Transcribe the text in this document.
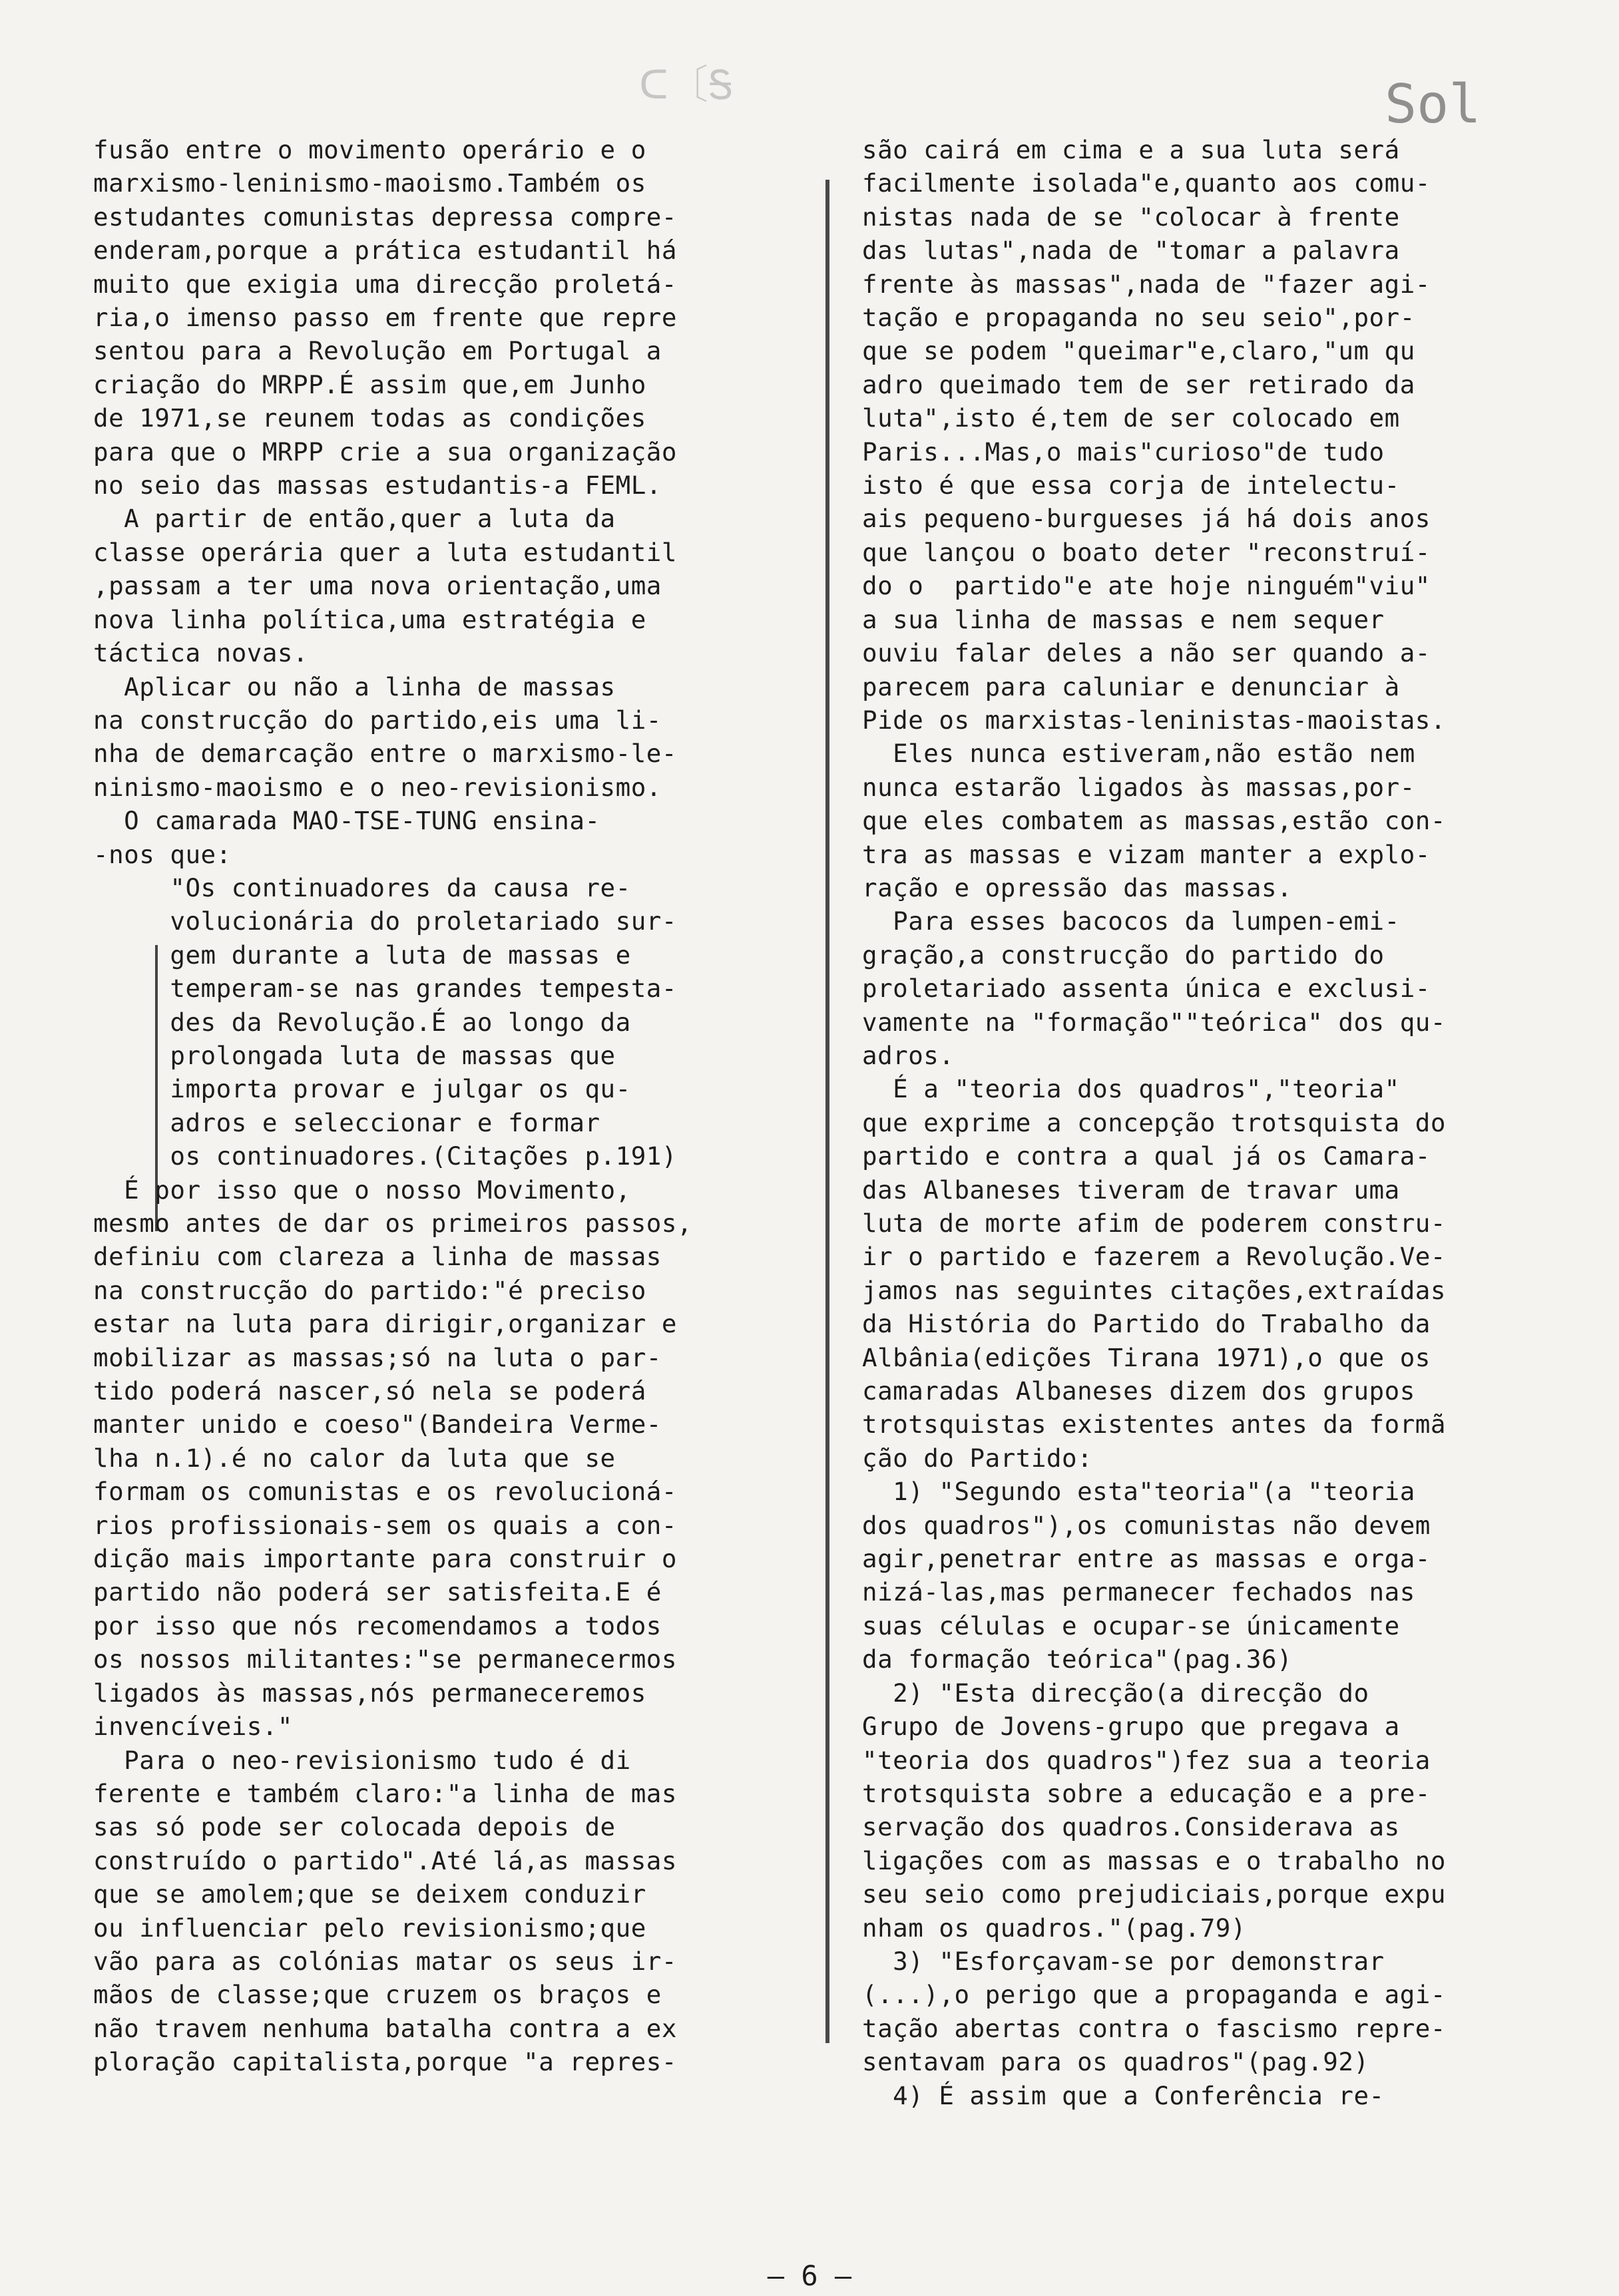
ᑕ〔Ꭶ	Sol

fusão entre o movimento operário e o

marxismo-leninismo-maoismo.Também os

estudantes comunistas depressa compre-

enderam,porque a prática estudantil há

muito que exigia uma direcção proletá-

ria,o imenso passo em frente que repre

sentou para a Revolução em Portugal a

criação do MRPP.É assim que,em Junho

de 1971,se reunem todas as condições

para que o MRPP crie a sua organização

no seio das massas estudantis-a FEML.

A partir de então,quer a luta da

classe operária quer a luta estudantil

,passam a ter uma nova orientação,uma

nova linha política,uma estratégia e

táctica novas.

Aplicar ou não a linha de massas

na construcção do partido,eis uma li-

nha de demarcação entre o marxismo-le-

ninismo-maoismo e o neo-revisionismo.

O camarada MAO-TSE-TUNG ensina-

-nos que:

"Os continuadores da causa re-

volucionária do proletariado sur-

gem durante a luta de massas e

temperam-se nas grandes tempesta-

des da Revolução.É ao longo da

prolongada luta de massas que

importa provar e julgar os qu-

adros e seleccionar e formar

os continuadores.(Citações p.191)

É por isso que o nosso Movimento,

mesmo antes de dar os primeiros passos,

definiu com clareza a linha de massas

na construcção do partido:"é preciso

estar na luta para dirigir,organizar e

mobilizar as massas;só na luta o par-

tido poderá nascer,só nela se poderá

manter unido e coeso"(Bandeira Verme-

lha n.1).é no calor da luta que se

formam os comunistas e os revolucioná-

rios profissionais-sem os quais a con-

dição mais importante para construir o

partido não poderá ser satisfeita.E é

por isso que nós recomendamos a todos

os nossos militantes:"se permanecermos

ligados às massas,nós permaneceremos

invencíveis."

Para o neo-revisionismo tudo é di

ferente e também claro:"a linha de mas

sas só pode ser colocada depois de

construído o partido".Até lá,as massas

que se amolem;que se deixem conduzir

ou influenciar pelo revisionismo;que

vão para as colónias matar os seus ir-

mãos de classe;que cruzem os braços e

não travem nenhuma batalha contra a ex

ploração capitalista,porque "a repres-

são cairá em cima e a sua luta será

facilmente isolada"e,quanto aos comu-

nistas nada de se "colocar à frente

das lutas",nada de "tomar a palavra

frente às massas",nada de "fazer agi-

tação e propaganda no seu seio",por-

que se podem "queimar"e,claro,"um qu

adro queimado tem de ser retirado da

luta",isto é,tem de ser colocado em

Paris...Mas,o mais"curioso"de tudo

isto é que essa corja de intelectu-

ais pequeno-burgueses já há dois anos

que lançou o boato deter "reconstruí-

do o  partido"e ate hoje ninguém"viu"

a sua linha de massas e nem sequer

ouviu falar deles a não ser quando a-

parecem para caluniar e denunciar à

Pide os marxistas-leninistas-maoistas.

Eles nunca estiveram,não estão nem

nunca estarão ligados às massas,por-

que eles combatem as massas,estão con-

tra as massas e vizam manter a explo-

ração e opressão das massas.

Para esses bacocos da lumpen-emi-

gração,a construcção do partido do

proletariado assenta única e exclusi-

vamente na "formação""teórica" dos qu-

adros.

É a "teoria dos quadros","teoria"

que exprime a concepção trotsquista do

partido e contra a qual já os Camara-

das Albaneses tiveram de travar uma

luta de morte afim de poderem constru-

ir o partido e fazerem a Revolução.Ve-

jamos nas seguintes citações,extraídas

da História do Partido do Trabalho da

Albânia(edições Tirana 1971),o que os

camaradas Albaneses dizem dos grupos

trotsquistas existentes antes da formã

ção do Partido:

1) "Segundo esta"teoria"(a "teoria

dos quadros"),os comunistas não devem

agir,penetrar entre as massas e orga-

nizá-las,mas permanecer fechados nas

suas células e ocupar-se únicamente

da formação teórica"(pag.36)

2) "Esta direcção(a direcção do

Grupo de Jovens-grupo que pregava a

"teoria dos quadros")fez sua a teoria

trotsquista sobre a educação e a pre-

servação dos quadros.Considerava as

ligações com as massas e o trabalho no

seu seio como prejudiciais,porque expu

nham os quadros."(pag.79)

3) "Esforçavam-se por demonstrar

(...),o perigo que a propaganda e agi-

tação abertas contra o fascismo repre-

sentavam para os quadros"(pag.92)

4) É assim que a Conferência re-

— 6 —
